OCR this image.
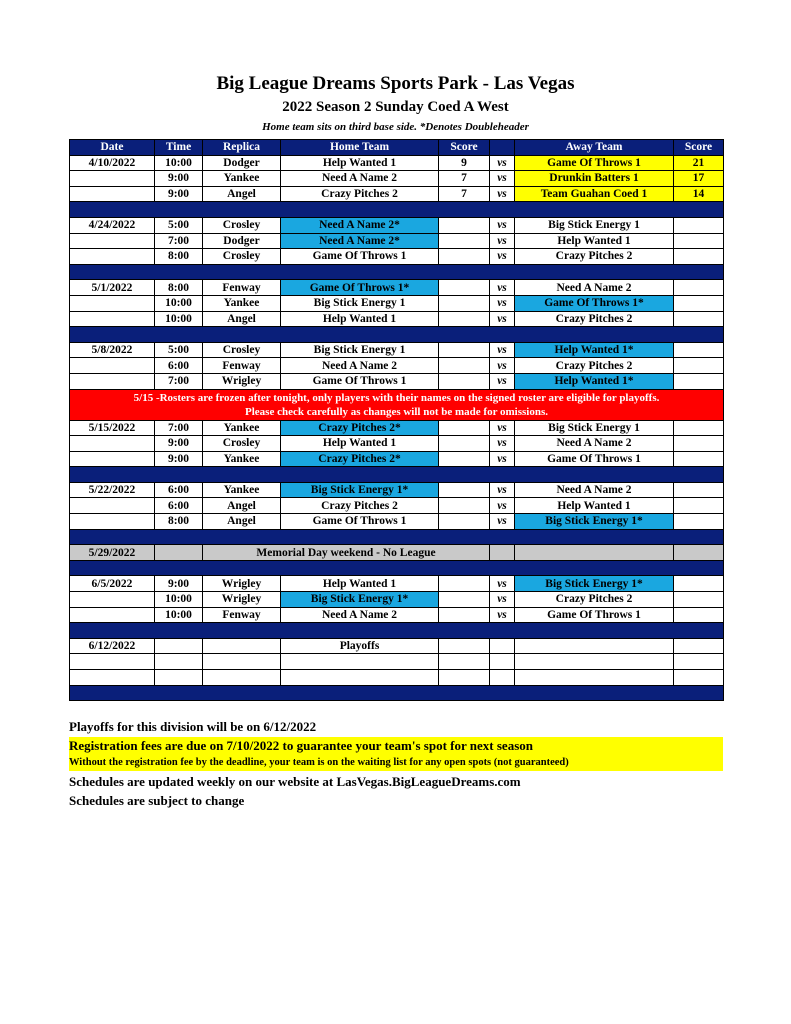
Big League Dreams Sports Park - Las Vegas
2022 Season 2 Sunday Coed A West
Home team sits on third base side. *Denotes Doubleheader
Date	Time	Replica	Home Team	Score		Away Team	Score
4/10/2022	10:00	Dodger	Help Wanted 1	9	vs	Game Of Throws 1	21
	9:00	Yankee	Need A Name 2	7	vs	Drunkin Batters 1	17
	9:00	Angel	Crazy Pitches 2	7	vs	Team Guahan Coed 1	14

4/24/2022	5:00	Crosley	Need A Name 2*		vs	Big Stick Energy 1	
	7:00	Dodger	Need A Name 2*		vs	Help Wanted 1	
	8:00	Crosley	Game Of Throws 1		vs	Crazy Pitches 2	

5/1/2022	8:00	Fenway	Game Of Throws 1*		vs	Need A Name 2	
	10:00	Yankee	Big Stick Energy 1		vs	Game Of Throws 1*	
	10:00	Angel	Help Wanted 1		vs	Crazy Pitches 2	

5/8/2022	5:00	Crosley	Big Stick Energy 1		vs	Help Wanted 1*	
	6:00	Fenway	Need A Name 2		vs	Crazy Pitches 2	
	7:00	Wrigley	Game Of Throws 1		vs	Help Wanted 1*	

5/15 -Rosters are frozen after tonight, only players with their names on the signed roster are eligible for playoffs.
Please check carefully as changes will not be made for omissions.							

5/15/2022	7:00	Yankee	Crazy Pitches 2*		vs	Big Stick Energy 1	
	9:00	Crosley	Help Wanted 1		vs	Need A Name 2	
	9:00	Yankee	Crazy Pitches 2*		vs	Game Of Throws 1	

5/22/2022	6:00	Yankee	Big Stick Energy 1*		vs	Need A Name 2	
	6:00	Angel	Crazy Pitches 2		vs	Help Wanted 1	
	8:00	Angel	Game Of Throws 1		vs	Big Stick Energy 1*	

5/29/2022		Memorial Day weekend - No League					

6/5/2022	9:00	Wrigley	Help Wanted 1		vs	Big Stick Energy 1*	
	10:00	Wrigley	Big Stick Energy 1*		vs	Crazy Pitches 2	
	10:00	Fenway	Need A Name 2		vs	Game Of Throws 1	

6/12/2022			Playoffs				

Playoffs for this division will be on 6/12/2022
Registration fees are due on 7/10/2022 to guarantee your team's spot for next season
Without the registration fee by the deadline, your team is on the waiting list for any open spots (not guaranteed)
Schedules are updated weekly on our website at LasVegas.BigLeagueDreams.com
Schedules are subject to change
